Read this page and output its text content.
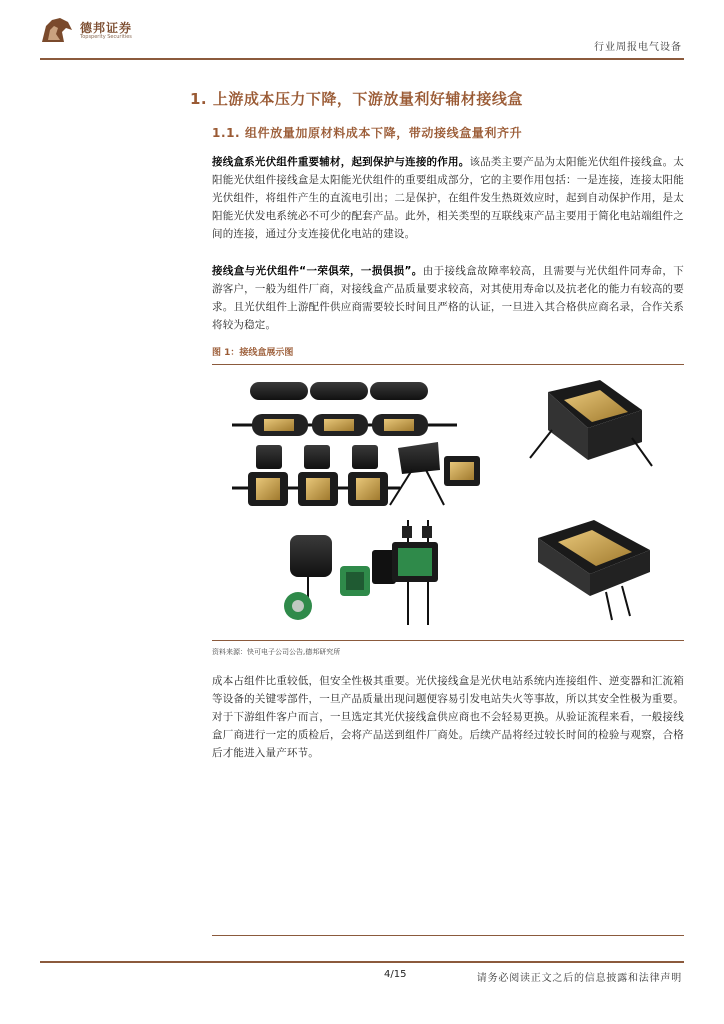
德邦证券
Topsperity Securities
行业周报电气设备
1. 上游成本压力下降，下游放量利好辅材接线盒
1.1. 组件放量加原材料成本下降，带动接线盒量利齐升
接线盒系光伏组件重要辅材，起到保护与连接的作用。该品类主要产品为太阳能光伏组件接线盒。太阳能光伏组件接线盒是太阳能光伏组件的重要组成部分，它的主要作用包括：一是连接，连接太阳能光伏组件，将组件产生的直流电引出；二是保护，在组件发生热斑效应时，起到自动保护作用，是太阳能光伏发电系统必不可少的配套产品。此外，相关类型的互联线束产品主要用于简化电站端组件之间的连接，通过分支连接优化电站的建设。
接线盒与光伏组件“一荣俱荣，一损俱损”。由于接线盒故障率较高，且需要与光伏组件同寿命，下游客户，一般为组件厂商，对接线盒产品质量要求较高，对其使用寿命以及抗老化的能力有较高的要求。且光伏组件上游配件供应商需要较长时间且严格的认证，一旦进入其合格供应商名录，合作关系将较为稳定。
图 1：接线盒展示图
资料来源：快可电子公司公告,德邦研究所
成本占组件比重较低，但安全性极其重要。光伏接线盒是光伏电站系统内连接组件、逆变器和汇流箱等设备的关键零部件，一旦产品质量出现问题便容易引发电站失火等事故，所以其安全性极为重要。对于下游组件客户而言，一旦选定其光伏接线盒供应商也不会轻易更换。从验证流程来看，一般接线盒厂商进行一定的质检后，会将产品送到组件厂商处。后续产品将经过较长时间的检验与观察，合格后才能进入量产环节。
4/15	请务必阅读正文之后的信息披露和法律声明
